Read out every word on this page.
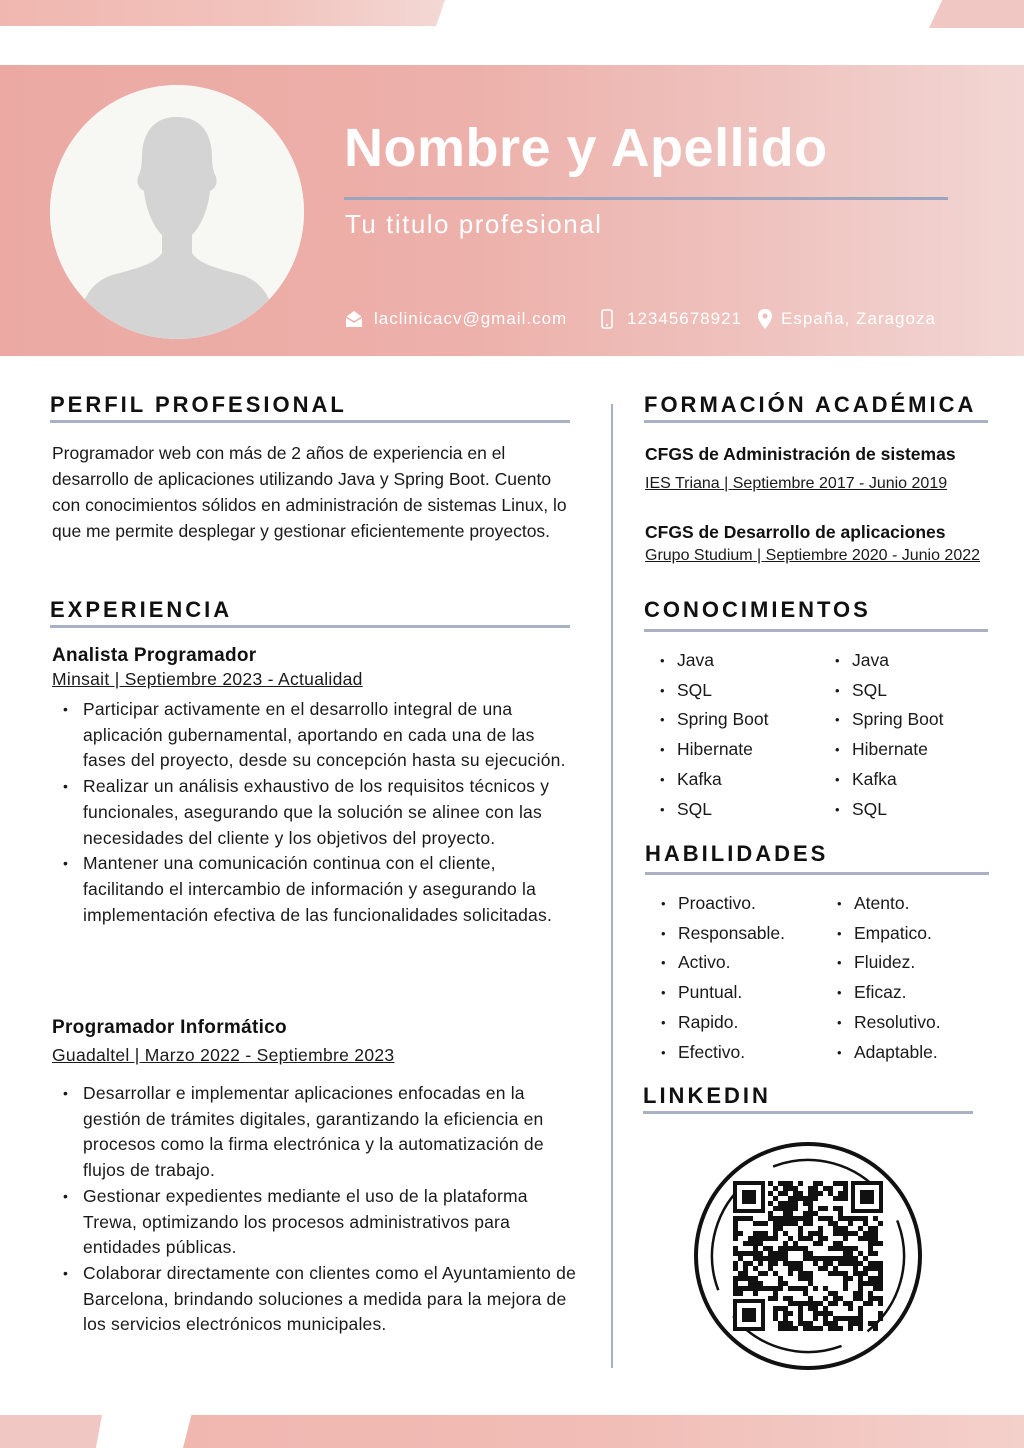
Nombre y Apellido
Tu titulo profesional
laclinicacv@gmail.com	12345678921 España, Zaragoza
PERFIL PROFESIONAL
Programador web con más de 2 años de experiencia en el desarrollo de aplicaciones utilizando Java y Spring Boot. Cuento con conocimientos sólidos en administración de sistemas Linux, lo que me permite desplegar y gestionar eficientemente proyectos.
EXPERIENCIA
Analista Programador
Minsait | Septiembre 2023 - Actualidad
• Participar activamente en el desarrollo integral de una aplicación gubernamental, aportando en cada una de las fases del proyecto, desde su concepción hasta su ejecución.
• Realizar un análisis exhaustivo de los requisitos técnicos y funcionales, asegurando que la solución se alinee con las necesidades del cliente y los objetivos del proyecto.
• Mantener una comunicación continua con el cliente, facilitando el intercambio de información y asegurando la implementación efectiva de las funcionalidades solicitadas.
Programador Informático
Guadaltel | Marzo 2022 - Septiembre 2023
• Desarrollar e implementar aplicaciones enfocadas en la gestión de trámites digitales, garantizando la eficiencia en procesos como la firma electrónica y la automatización de flujos de trabajo.
• Gestionar expedientes mediante el uso de la plataforma Trewa, optimizando los procesos administrativos para entidades públicas.
• Colaborar directamente con clientes como el Ayuntamiento de Barcelona, brindando soluciones a medida para la mejora de los servicios electrónicos municipales.
FORMACIÓN ACADÉMICA
CFGS de Administración de sistemas
IES Triana | Septiembre 2017 - Junio 2019
CFGS de Desarrollo de aplicaciones
Grupo Studium | Septiembre 2020 - Junio 2022
CONOCIMIENTOS
• Java
• SQL
• Spring Boot
• Hibernate
• Kafka
• SQL
• Java
• SQL
• Spring Boot
• Hibernate
• Kafka
• SQL
HABILIDADES
• Proactivo.
• Responsable.
• Activo.
• Puntual.
• Rapido.
• Efectivo.
• Atento.
• Empatico.
• Fluidez.
• Eficaz.
• Resolutivo.
• Adaptable.
LINKEDIN
